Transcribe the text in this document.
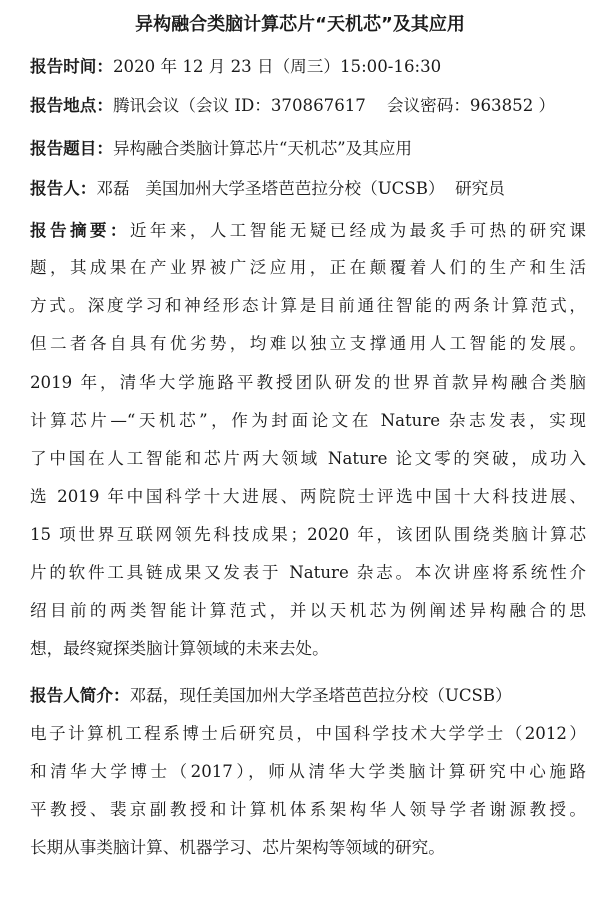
异构融合类脑计算芯片“天机芯”及其应用
报告时间：2020 年 12 月 23 日（周三）15:00-16:30
报告地点：腾讯会议（会议 ID：370867617    会议密码：963852 ）
报告题目：异构融合类脑计算芯片“天机芯”及其应用
报告人：邓磊   美国加州大学圣塔芭芭拉分校（UCSB）  研究员
报告摘要：近年来，人工智能无疑已经成为最炙手可热的研究课
题，其成果在产业界被广泛应用，正在颠覆着人们的生产和生活
方式。深度学习和神经形态计算是目前通往智能的两条计算范式，
但二者各自具有优劣势，均难以独立支撑通用人工智能的发展。
2019 年，清华大学施路平教授团队研发的世界首款异构融合类脑
计算芯片—“天机芯”，作为封面论文在 Nature 杂志发表，实现
了中国在人工智能和芯片两大领域 Nature 论文零的突破，成功入
选 2019 年中国科学十大进展、两院院士评选中国十大科技进展、
15 项世界互联网领先科技成果；2020 年，该团队围绕类脑计算芯
片的软件工具链成果又发表于 Nature 杂志。本次讲座将系统性介
绍目前的两类智能计算范式，并以天机芯为例阐述异构融合的思
想，最终窥探类脑计算领域的未来去处。
报告人简介：邓磊，现任美国加州大学圣塔芭芭拉分校（UCSB）
电子计算机工程系博士后研究员，中国科学技术大学学士（2012）
和清华大学博士（2017），师从清华大学类脑计算研究中心施路
平教授、裴京副教授和计算机体系架构华人领导学者谢源教授。
长期从事类脑计算、机器学习、芯片架构等领域的研究。
